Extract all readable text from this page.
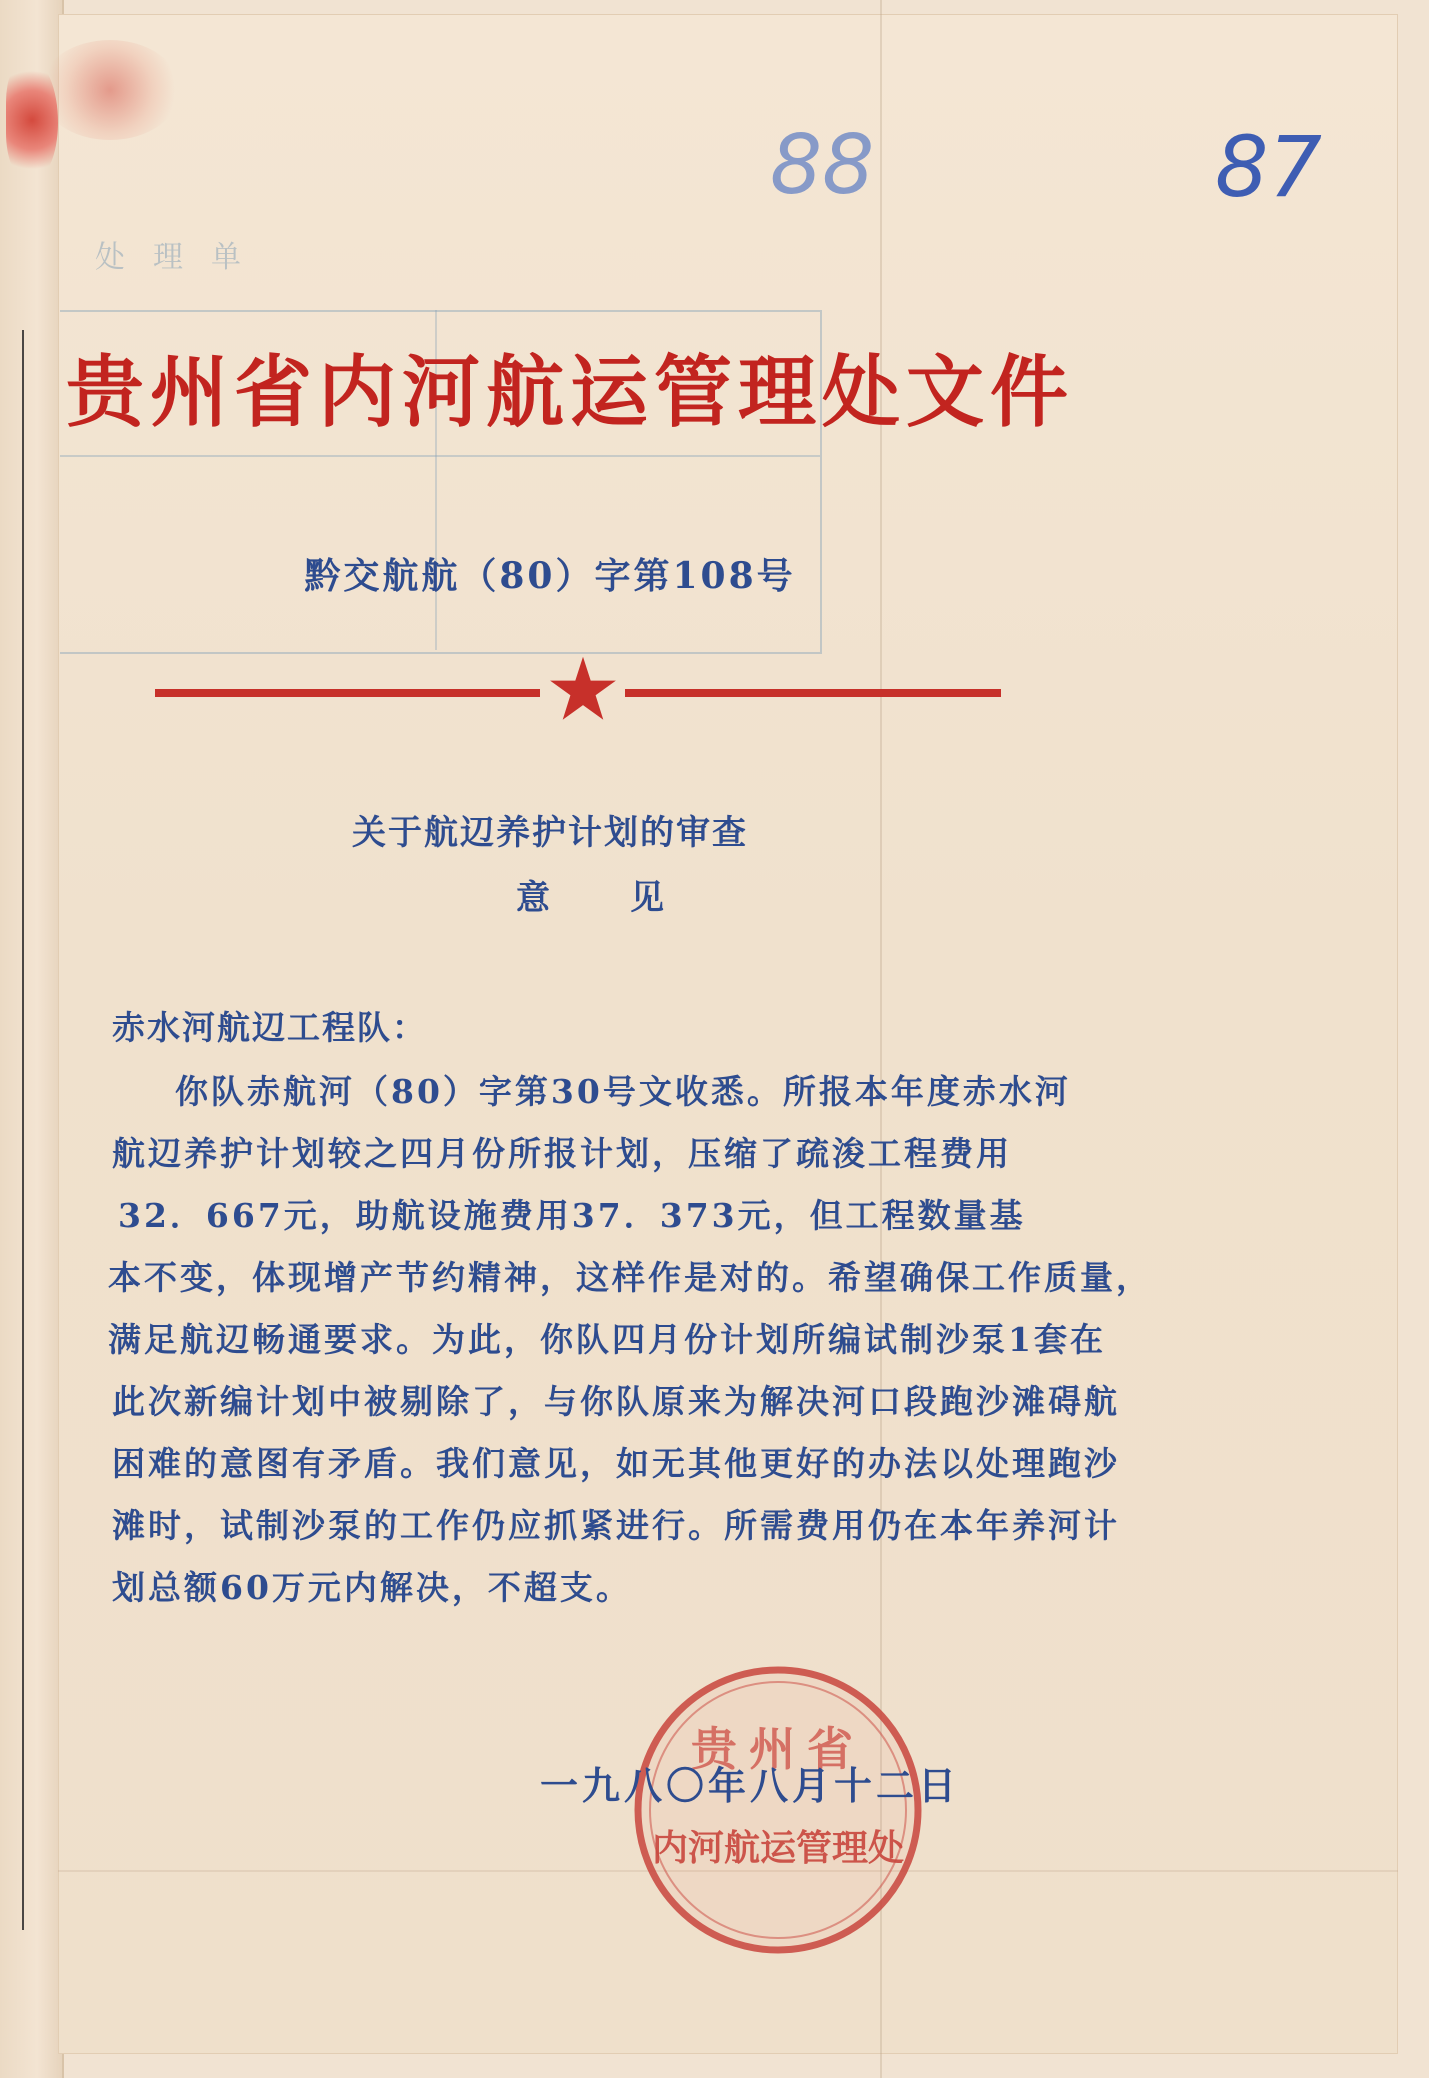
处理单
88	87
贵州省内河航运管理处文件
黔交航航（80）字第108号
关于航辺养护计划的审查
意见
赤水河航辺工程队：
你队赤航河（80）字第30号文收悉。所报本年度赤水河
航辺养护计划较之四月份所报计划，压缩了疏浚工程费用
32．667元，助航设施费用37．373元，但工程数量基
本不变，体现增产节约精神，这样作是对的。希望确保工作质量，
满足航辺畅通要求。为此，你队四月份计划所编试制沙泵1套在
此次新编计划中被剔除了，与你队原来为解决河口段跑沙滩碍航
困难的意图有矛盾。我们意见，如无其他更好的办法以处理跑沙
滩时，试制沙泵的工作仍应抓紧进行。所需费用仍在本年养河计
划总额60万元内解决，不超支。
贵州省
内河航运管理处
一九八〇年八月十二日
